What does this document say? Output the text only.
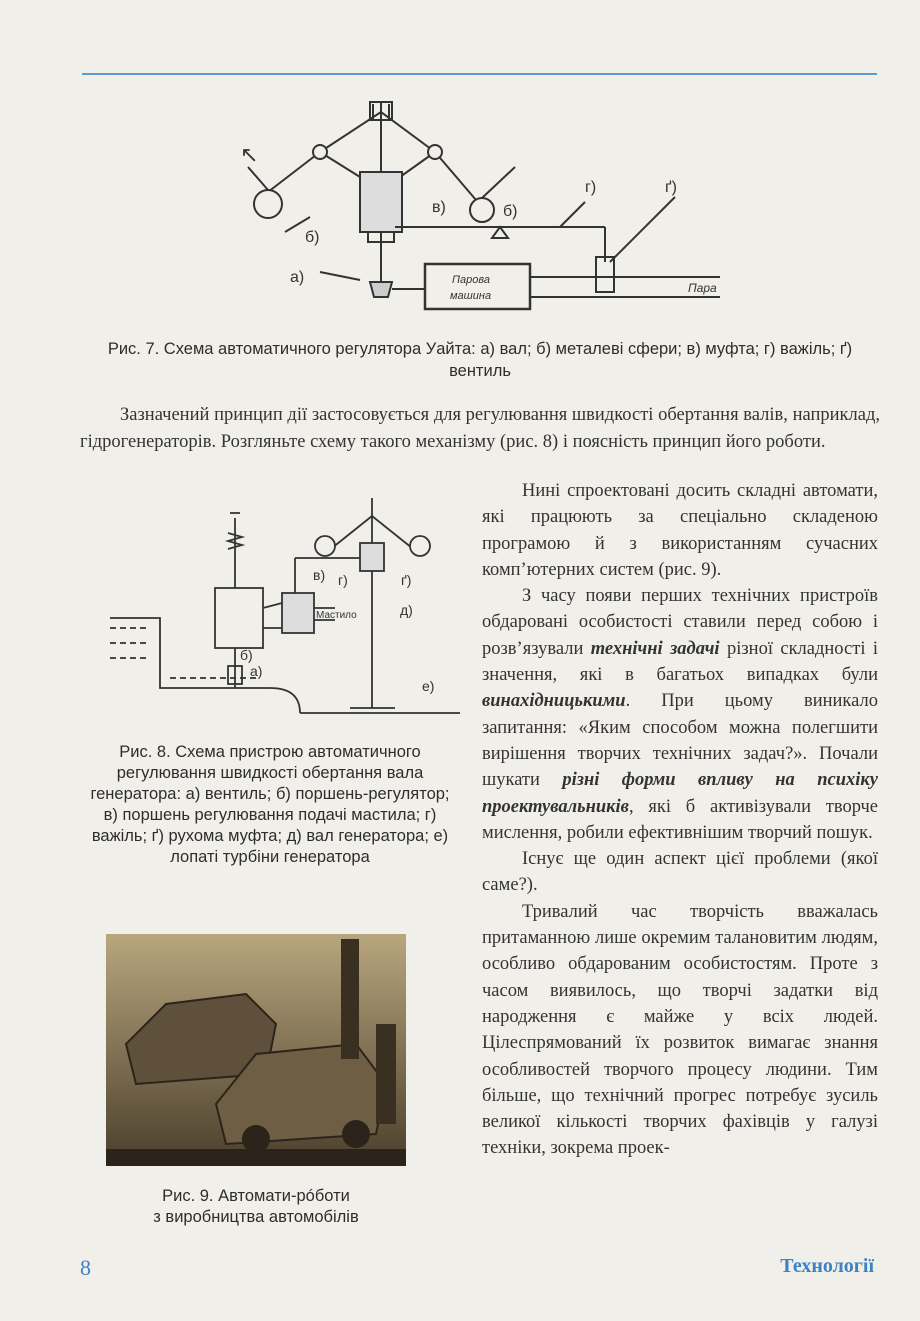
↖
б)
в)	б)
г)	ґ)
а)	Парова
машина
Пара
Рис. 7. Схема автоматичного регулятора Уайта: а) вал; б) металеві сфери; в) муфта; г) важіль; ґ) вентиль

Зазначений принцип дії застосовується для регулювання швидкості обертання валів, наприклад, гідрогенераторів. Розгляньте схему такого механізму (рис. 8) і поясність принцип його роботи.

в) г)	ґ)
Мастило	д)
б)
а)
е)
Рис. 8. Схема пристрою автоматичного регулювання швидкості обертання вала генератора: а) вентиль; б) поршень-регулятор; в) поршень регулювання подачі мастила; г) важіль; ґ) рухома муфта; д) вал генератора; е) лопаті турбіни генератора
Рис. 9. Автомати-рóботи
з виробництва автомобілів

Нині спроектовані досить складні автомати, які працюють за спеціально складеною програмою й з використанням сучасних комп’ютерних систем (рис. 9).

З часу появи перших технічних пристроїв обдаровані особистості ставили перед собою і розв’язували технічні задачі різної складності і значення, які в багатьох випадках були винахідницькими. При цьому виникало запитання: «Яким способом можна полегшити вирішення творчих технічних задач?». Почали шукати різні форми впливу на психіку проектувальників, які б активізували творче мислення, робили ефективнішим творчий пошук.

Існує ще один аспект цієї проблеми (якої саме?).

Тривалий час творчість вважалась притаманною лише окремим талановитим людям, особливо обдарованим особистостям. Проте з часом виявилось, що творчі задатки від народження є майже у всіх людей. Цілеспрямований їх розвиток вимагає знання особливостей творчого процесу людини. Тим більше, що технічний прогрес потребує зусиль великої кількості творчих фахівців у галузі техніки, зокрема проек-

8	Технології
